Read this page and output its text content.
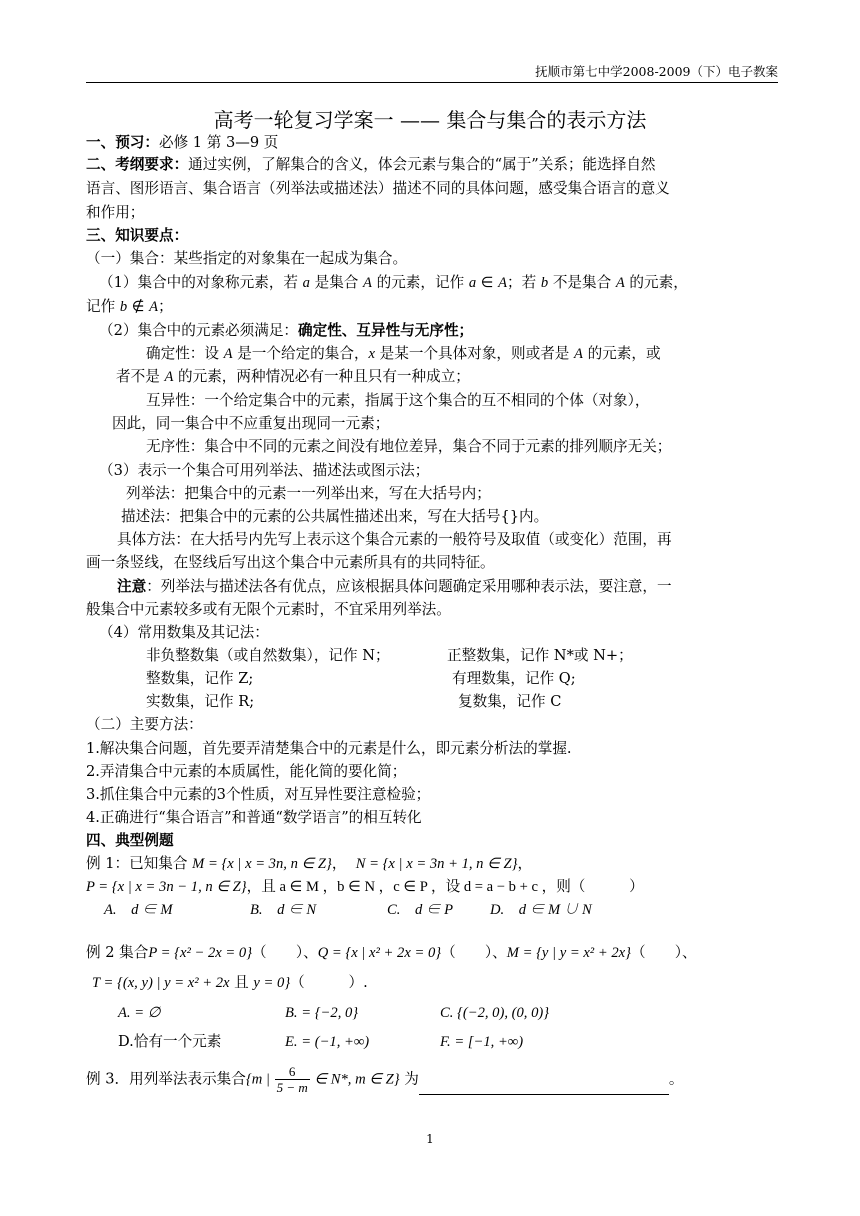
抚顺市第七中学2008-2009（下）电子教案
高考一轮复习学案一 —— 集合与集合的表示方法
一、预习：必修 1 第 3—9 页
二、考纲要求：通过实例，了解集合的含义，体会元素与集合的“属于”关系；能选择自然
语言、图形语言、集合语言（列举法或描述法）描述不同的具体问题，感受集合语言的意义
和作用；
三、知识要点：
（一）集合：某些指定的对象集在一起成为集合。
（1）集合中的对象称元素，若 a 是集合 A 的元素，记作 a ∈ A；若 b 不是集合 A 的元素，
记作 b ∉ A；
（2）集合中的元素必须满足：确定性、互异性与无序性；
确定性：设 A 是一个给定的集合，x 是某一个具体对象，则或者是 A 的元素，或
者不是 A 的元素，两种情况必有一种且只有一种成立；
互异性：一个给定集合中的元素，指属于这个集合的互不相同的个体（对象），
因此，同一集合中不应重复出现同一元素；
无序性：集合中不同的元素之间没有地位差异，集合不同于元素的排列顺序无关；
（3）表示一个集合可用列举法、描述法或图示法；
列举法：把集合中的元素一一列举出来，写在大括号内；
描述法：把集合中的元素的公共属性描述出来，写在大括号{}内。
具体方法：在大括号内先写上表示这个集合元素的一般符号及取值（或变化）范围，再
画一条竖线，在竖线后写出这个集合中元素所具有的共同特征。
注意：列举法与描述法各有优点，应该根据具体问题确定采用哪种表示法，要注意，一
般集合中元素较多或有无限个元素时，不宜采用列举法。
（4）常用数集及其记法：
非负整数集（或自然数集），记作 N；	正整数集，记作 N*或 N+；
整数集，记作 Z;	有理数集，记作 Q;
实数集，记作 R;	复数集，记作 C
（二）主要方法：
1.解决集合问题，首先要弄清楚集合中的元素是什么，即元素分析法的掌握.
2.弄清集合中元素的本质属性，能化简的要化简；
3.抓住集合中元素的3个性质，对互异性要注意检验；
4.正确进行“集合语言”和普通“数学语言”的相互转化
四、典型例题
例 1：已知集合 M = {x | x = 3n, n ∈ Z}，  N = {x | x = 3n + 1, n ∈ Z}，
P = {x | x = 3n − 1, n ∈ Z}，且 a ∈ M ，b ∈ N ，c ∈ P ，设 d = a − b + c ，则（　　　）
A.　d ∈ M	B.　d ∈ N	C.　d ∈ P	D.　d ∈ M ∪ N
例 2 集合P = {x² − 2x = 0}（　　）、Q = {x | x² + 2x = 0}（　　）、M = {y | y = x² + 2x}（　　）、
T = {(x, y) | y = x² + 2x 且 y = 0}（　　　）.
A. = ∅	B. = {−2, 0}	C. {(−2, 0), (0, 0)}
D.恰有一个元素	E. = (−1, +∞)	F. = [−1, +∞)
例 3．用列举法表示集合{m | $\frac{6}{5 - m}$ ∈ N*, m ∈ Z} 为	。
1
